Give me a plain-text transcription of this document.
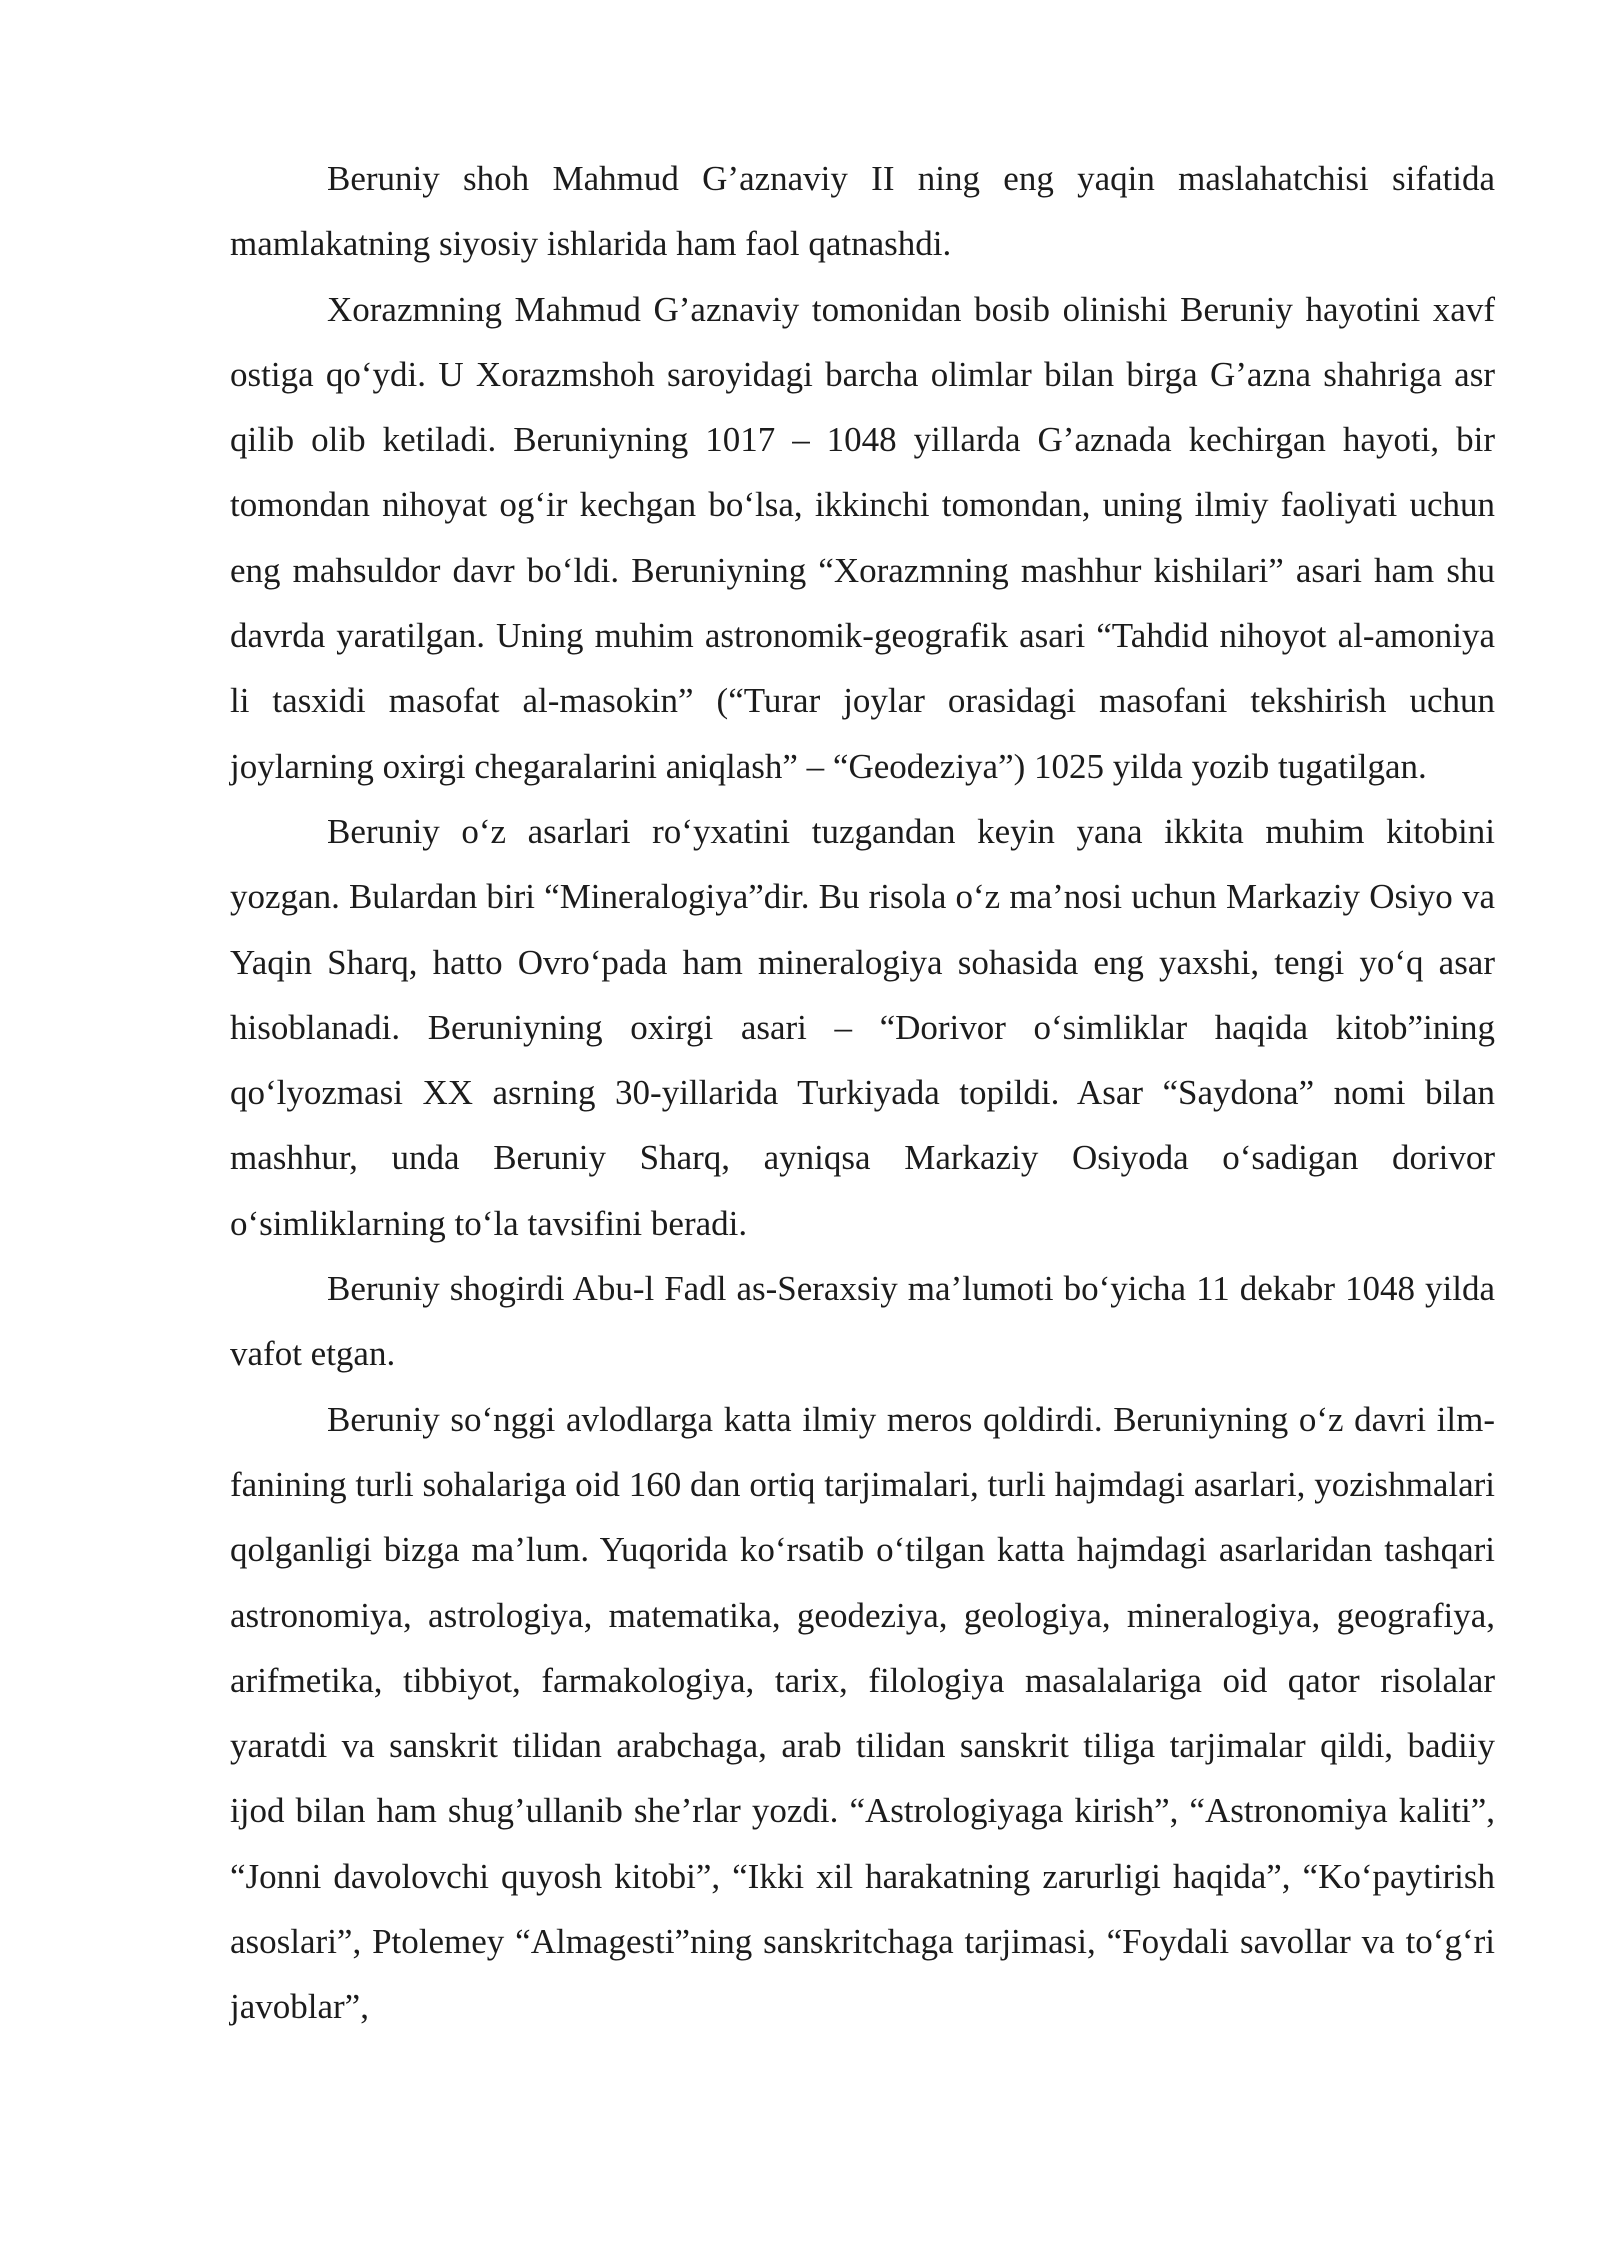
Beruniy shoh Mahmud G’aznaviy II ning eng yaqin maslahatchisi sifatida mamlakatning siyosiy ishlarida ham faol qatnashdi.

Xorazmning Mahmud G’aznaviy tomonidan bosib olinishi Beruniy hayotini xavf ostiga qo‘ydi. U Xorazmshoh saroyidagi barcha olimlar bilan birga G’azna shahriga asr qilib olib ketiladi. Beruniyning 1017 – 1048 yillarda G’aznada kechirgan hayoti, bir tomondan nihoyat og‘ir kechgan bo‘lsa, ikkinchi tomondan, uning ilmiy faoliyati uchun eng mahsuldor davr bo‘ldi. Beruniyning “Xorazmning mashhur kishilari” asari ham shu davrda yaratilgan. Uning muhim astronomik-geografik asari “Tahdid nihoyot al-amoniya li tasxidi masofat al-masokin” (“Turar joylar orasidagi masofani tekshirish uchun joylarning oxirgi chegaralarini aniqlash” – “Geodeziya”) 1025 yilda yozib tugatilgan.

Beruniy o‘z asarlari ro‘yxatini tuzgandan keyin yana ikkita muhim kitobini yozgan. Bulardan biri “Mineralogiya”dir. Bu risola o‘z ma’nosi uchun Markaziy Osiyo va Yaqin Sharq, hatto Ovro‘pada ham mineralogiya sohasida eng yaxshi, tengi yo‘q asar hisoblanadi. Beruniyning oxirgi asari – “Dorivor o‘simliklar haqida kitob”ining qo‘lyozmasi XX asrning 30-yillarida Turkiyada topildi. Asar “Saydona” nomi bilan mashhur, unda Beruniy Sharq, ayniqsa Markaziy Osiyoda o‘sadigan dorivor o‘simliklarning to‘la tavsifini beradi.

Beruniy shogirdi Abu-l Fadl as-Seraxsiy ma’lumoti bo‘yicha 11 dekabr 1048 yilda vafot etgan.

Beruniy so‘nggi avlodlarga katta ilmiy meros qoldirdi. Beruniyning o‘z davri ilm-fanining turli sohalariga oid 160 dan ortiq tarjimalari, turli hajmdagi asarlari, yozishmalari qolganligi bizga ma’lum. Yuqorida ko‘rsatib o‘tilgan katta hajmdagi asarlaridan tashqari astronomiya, astrologiya, matematika, geodeziya, geologiya, mineralogiya, geografiya, arifmetika, tibbiyot, farmakologiya, tarix, filologiya masalalariga oid qator risolalar yaratdi va sanskrit tilidan arabchaga, arab tilidan sanskrit tiliga tarjimalar qildi, badiiy ijod bilan ham shug’ullanib she’rlar yozdi. “Astrologiyaga kirish”, “Astronomiya kaliti”, “Jonni davolovchi quyosh kitobi”, “Ikki xil harakatning zarurligi haqida”, “Ko‘paytirish asoslari”, Ptolemey “Almagesti”ning sanskritchaga tarjimasi, “Foydali savollar va to‘g‘ri javoblar”,
